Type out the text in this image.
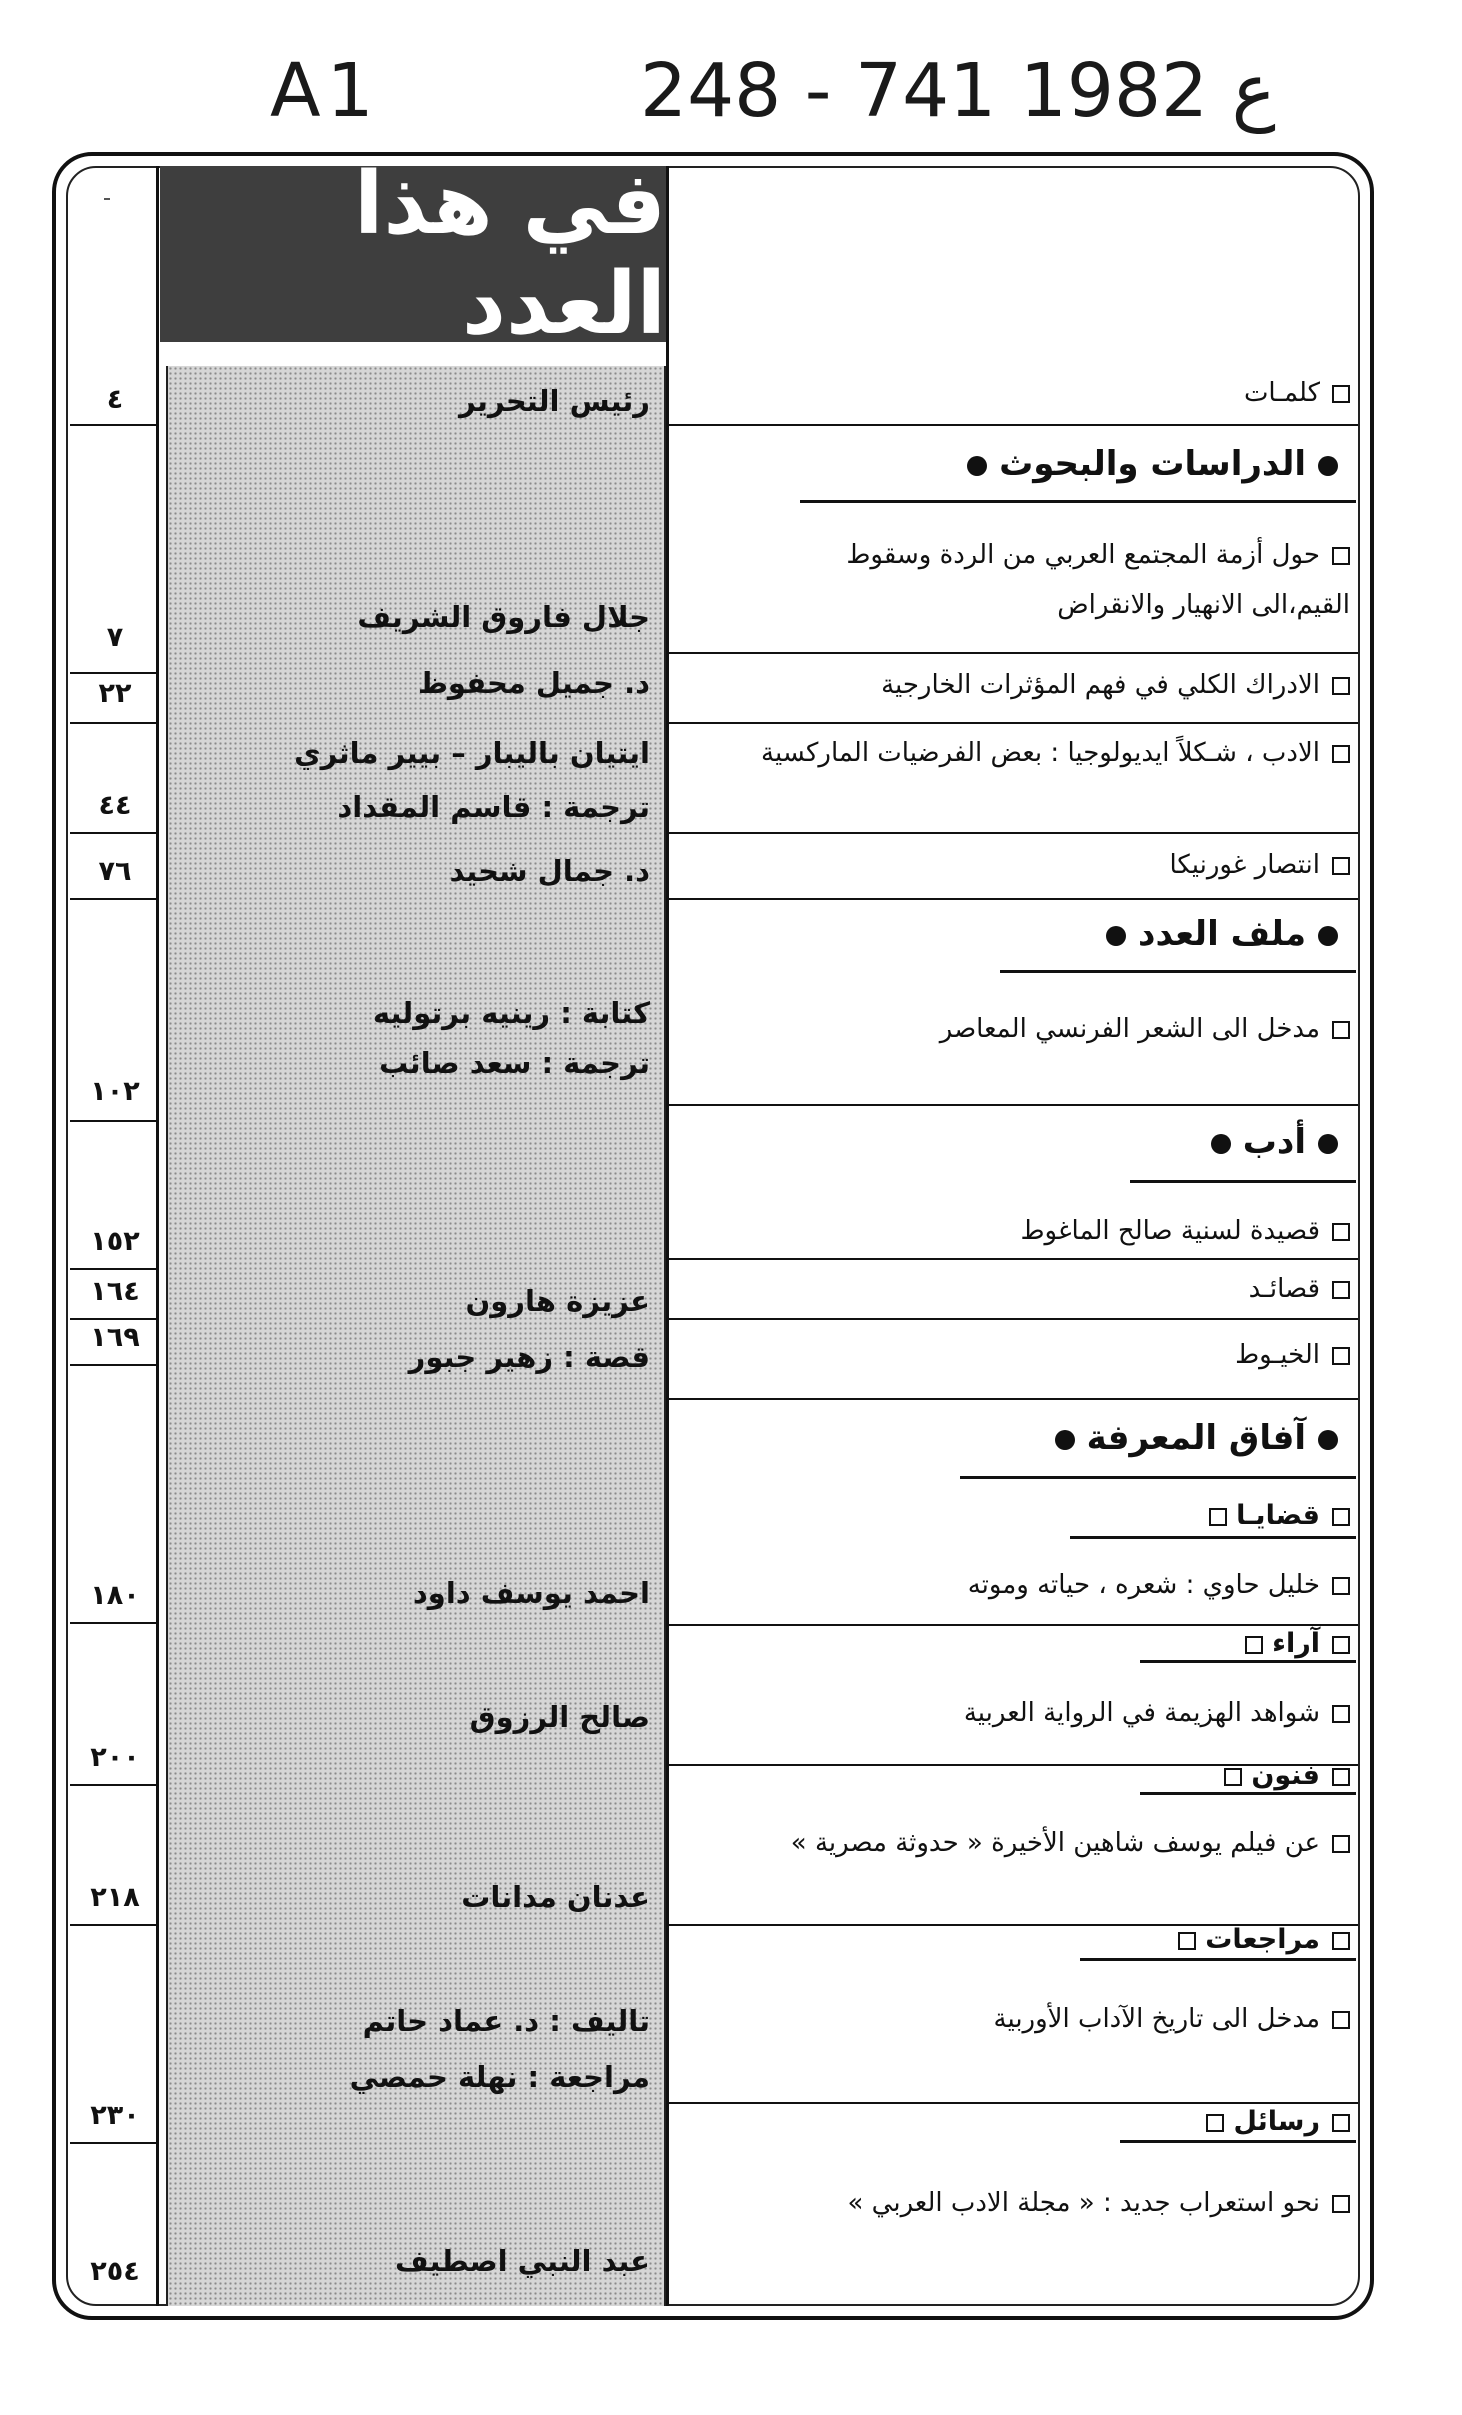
A1	248 - ع 1982 741
في هذا العدد
الدراسات والبحوث
ملف العدد
أدب
آفاق المعرفة
قضايـا
آراء
فنون
مراجعات
رسائل
كلمـات
حول أزمة المجتمع العربي من الردة وسقوط القيم،الى الانهيار والانقراض
الادراك الكلي في فهم المؤثرات الخارجية
الادب ، شـكلاً ايديولوجيا : بعض الفرضيات الماركسية
انتصار غورنيكا
مدخل الى الشعر الفرنسي المعاصر
قصيدة لسنية صالح الماغوط
قصائـد
الخيـوط
خليل حاوي : شعره ، حياته وموته
شواهد الهزيمة في الرواية العربية
عن فيلم يوسف شاهين الأخيرة « حدوثة مصرية »
مدخل الى تاريخ الآداب الأوربية
نحو استعراب جديد : « مجلة الادب العربي »
رئيس التحرير
جلال فاروق الشريف
د. جميل محفوظ
ايتيان باليبار – بيير ماثري
ترجمة : قاسم المقداد
د. جمال شحيد
كتابة : رينيه برتوليه
ترجمة : سعد صائب
عزيزة هارون
قصة : زهير جبور
احمد يوسف داود
صالح الرزوق
عدنان مدانات
تاليف : د. عماد حاتم
مراجعة : نهلة حمصي
عبد النبي اصطيف
٤
٧
٢٢
٤٤
٧٦
١٠٢
١٥٢
١٦٤
١٦٩
١٨٠
٢٠٠
٢١٨
٢٣٠
٢٥٤
